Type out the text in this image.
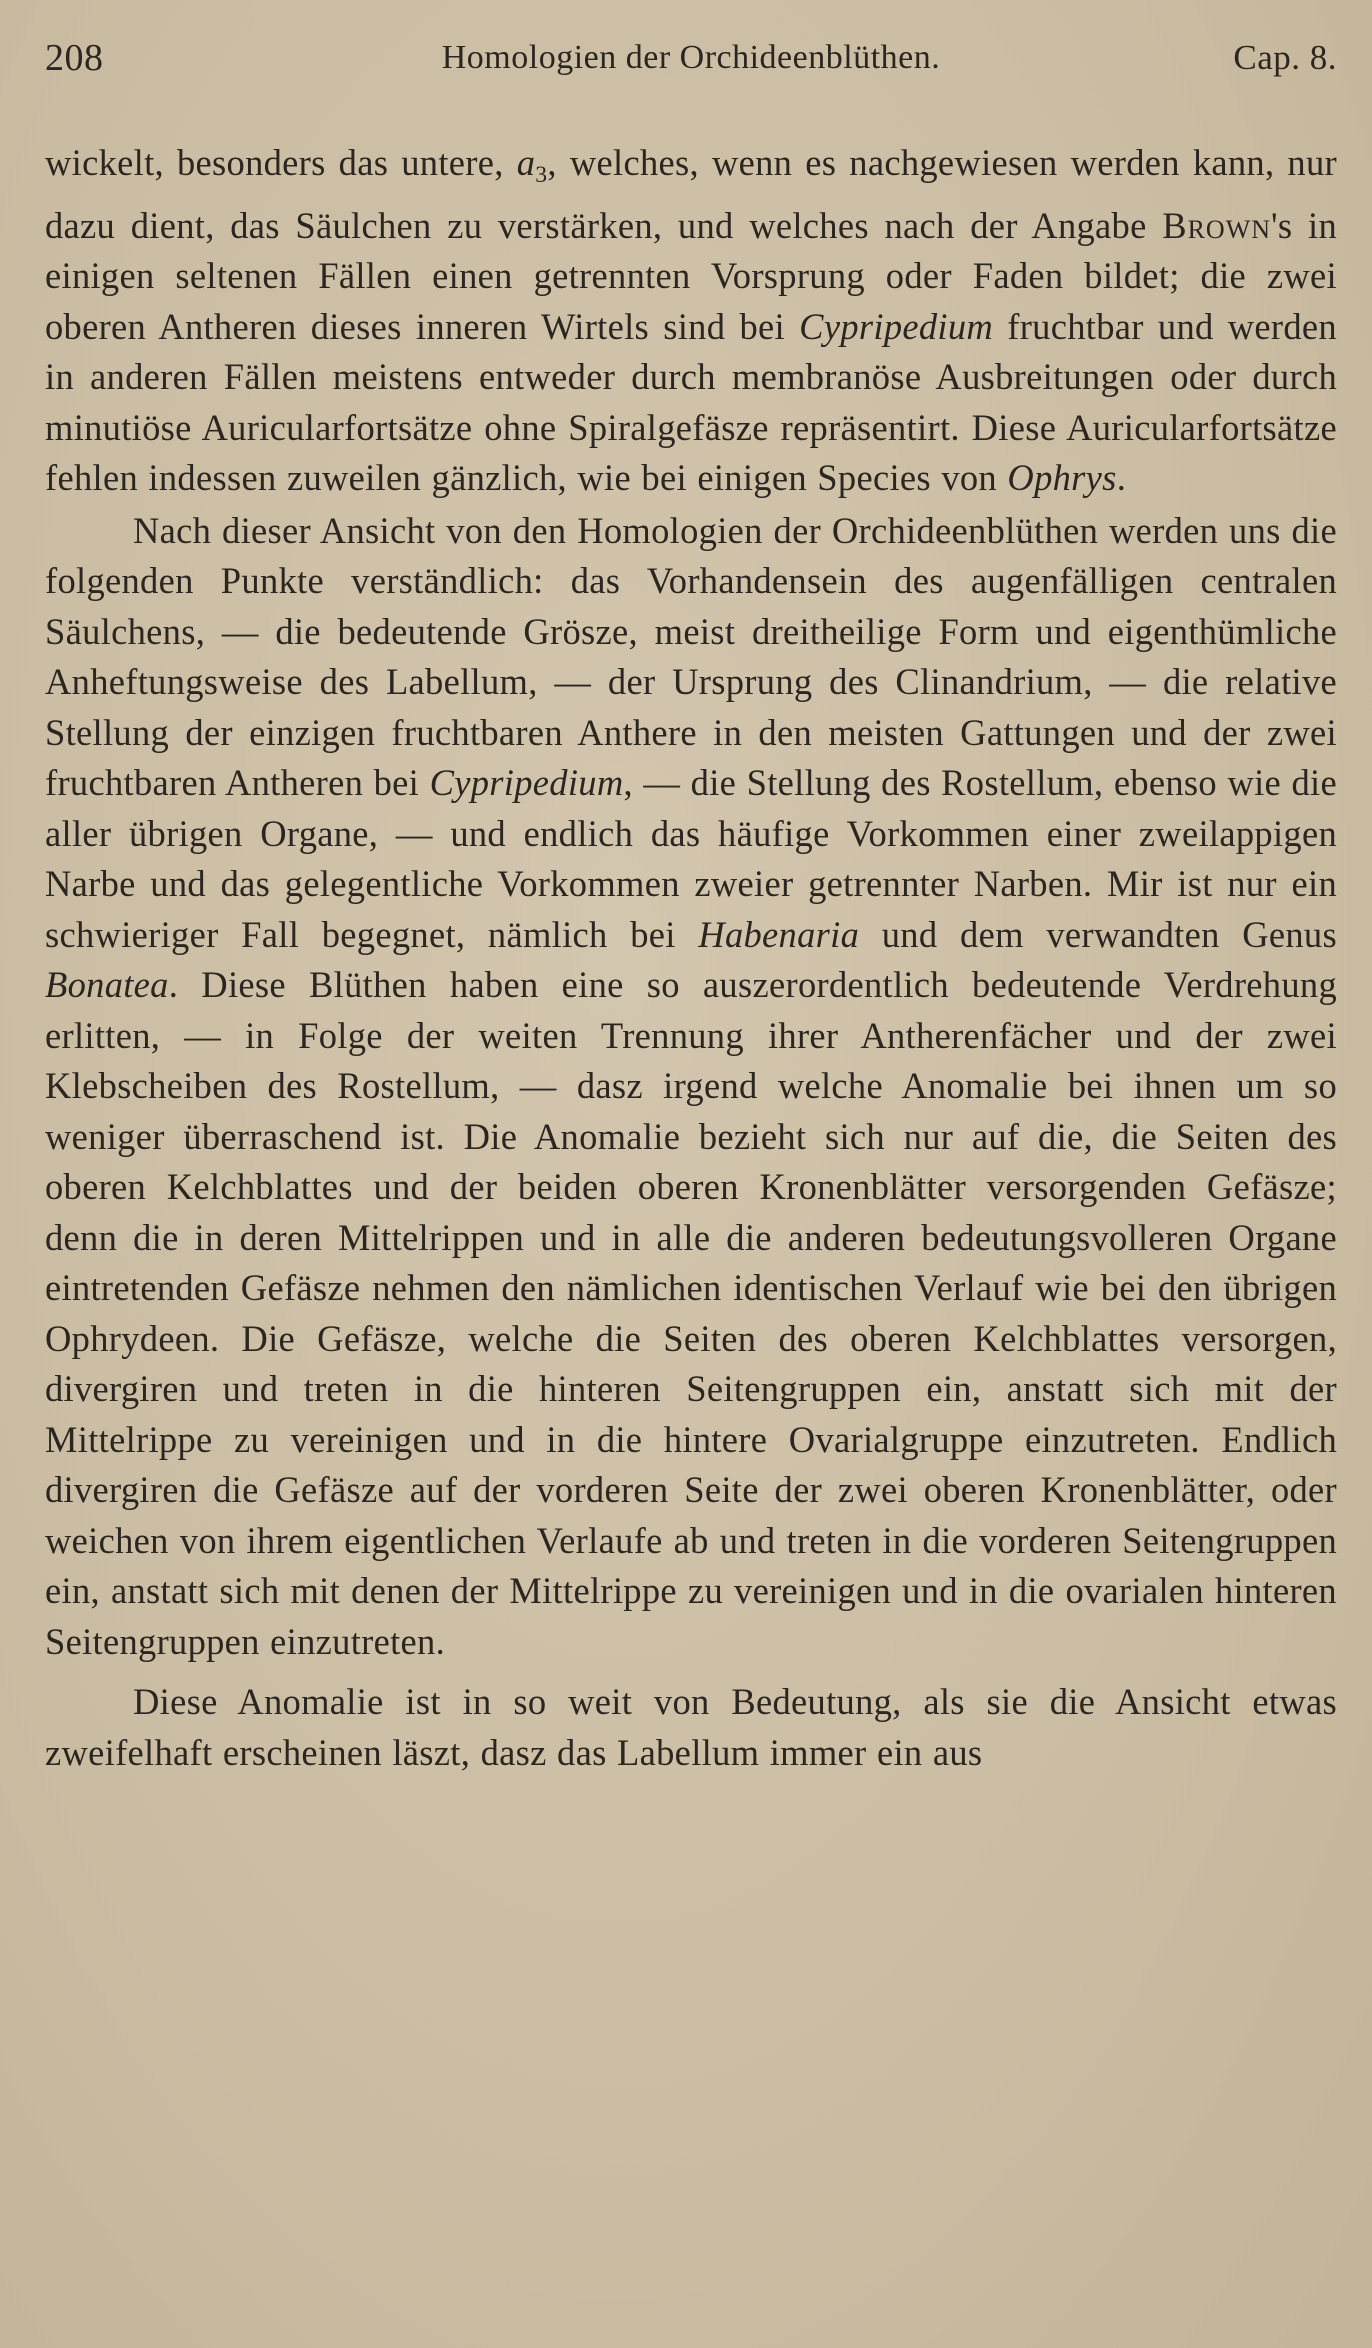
208	Homologien der Orchideenblüthen.	Cap. 8.

wickelt, besonders das untere, $a_3$, welches, wenn es nachgewiesen werden kann, nur dazu dient, das Säulchen zu verstärken, und welches nach der Angabe Brown's in einigen seltenen Fällen einen getrennten Vorsprung oder Faden bildet; die zwei oberen Antheren dieses inneren Wirtels sind bei Cypripedium fruchtbar und werden in anderen Fällen meistens entweder durch membranöse Ausbreitungen oder durch minutiöse Auricularfortsätze ohne Spiralgefäsze repräsentirt. Diese Auricularfortsätze fehlen indessen zuweilen gänzlich, wie bei einigen Species von Ophrys.

Nach dieser Ansicht von den Homologien der Orchideenblüthen werden uns die folgenden Punkte verständlich: das Vorhandensein des augenfälligen centralen Säulchens, — die bedeutende Grösze, meist dreitheilige Form und eigenthümliche Anheftungsweise des Labellum, — der Ursprung des Clinandrium, — die relative Stellung der einzigen fruchtbaren Anthere in den meisten Gattungen und der zwei fruchtbaren Antheren bei Cypripedium, — die Stellung des Rostellum, ebenso wie die aller übrigen Organe, — und endlich das häufige Vorkommen einer zweilappigen Narbe und das gelegentliche Vorkommen zweier getrennter Narben. Mir ist nur ein schwieriger Fall begegnet, nämlich bei Habenaria und dem verwandten Genus Bonatea. Diese Blüthen haben eine so auszerordentlich bedeutende Verdrehung erlitten, — in Folge der weiten Trennung ihrer Antherenfächer und der zwei Klebscheiben des Rostellum, — dasz irgend welche Anomalie bei ihnen um so weniger überraschend ist. Die Anomalie bezieht sich nur auf die, die Seiten des oberen Kelchblattes und der beiden oberen Kronenblätter versorgenden Gefäsze; denn die in deren Mittelrippen und in alle die anderen bedeutungsvolleren Organe eintretenden Gefäsze nehmen den nämlichen identischen Verlauf wie bei den übrigen Ophrydeen. Die Gefäsze, welche die Seiten des oberen Kelchblattes versorgen, divergiren und treten in die hinteren Seitengruppen ein, anstatt sich mit der Mittelrippe zu vereinigen und in die hintere Ovarialgruppe einzutreten. Endlich divergiren die Gefäsze auf der vorderen Seite der zwei oberen Kronenblätter, oder weichen von ihrem eigentlichen Verlaufe ab und treten in die vorderen Seitengruppen ein, anstatt sich mit denen der Mittelrippe zu vereinigen und in die ovarialen hinteren Seitengruppen einzutreten.

Diese Anomalie ist in so weit von Bedeutung, als sie die Ansicht etwas zweifelhaft erscheinen läszt, dasz das Labellum immer ein aus
